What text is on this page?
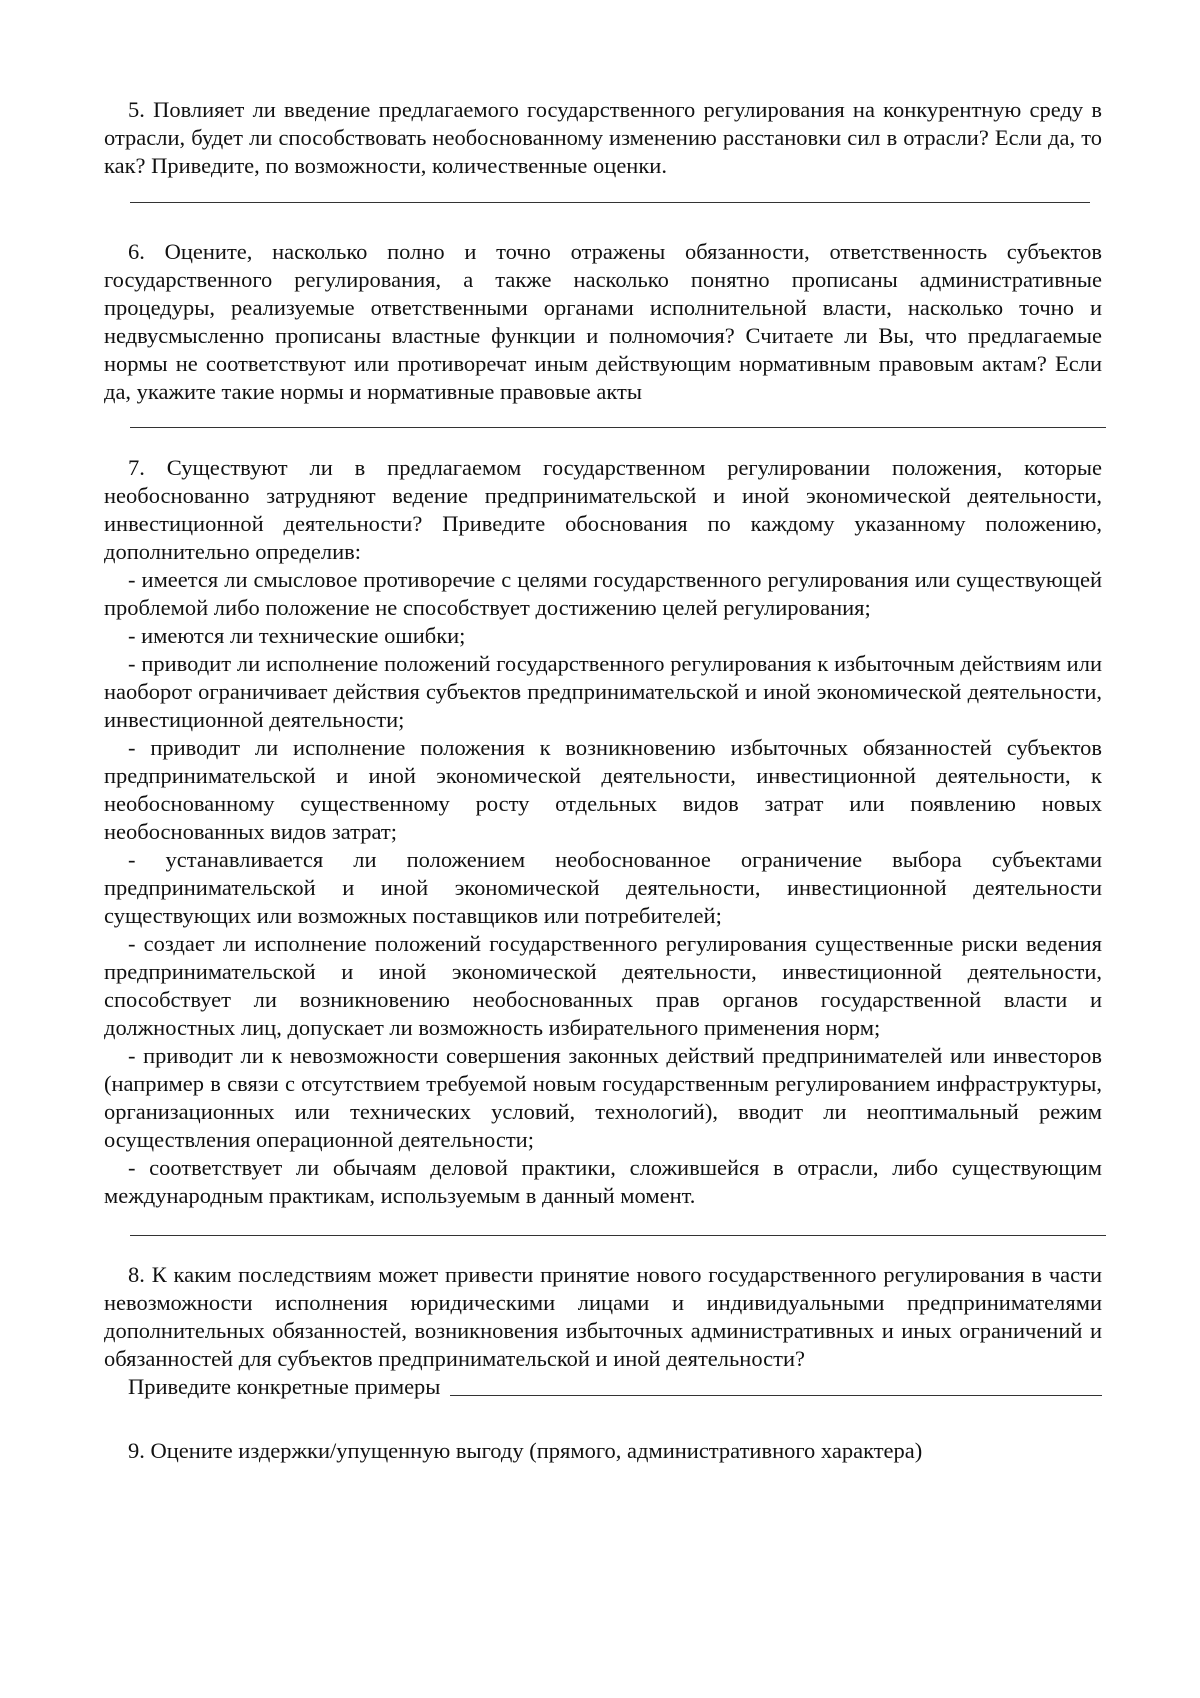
5. Повлияет ли введение предлагаемого государственного регулирования на конкурентную среду в отрасли, будет ли способствовать необоснованному изменению расстановки сил в отрасли? Если да, то как? Приведите, по возможности, количественные оценки.

6. Оцените, насколько полно и точно отражены обязанности, ответственность субъектов государственного регулирования, а также насколько понятно прописаны административные процедуры, реализуемые ответственными органами исполнительной власти, насколько точно и недвусмысленно прописаны властные функции и полномочия? Считаете ли Вы, что предлагаемые нормы не соответствуют или противоречат иным действующим нормативным правовым актам? Если да, укажите такие нормы и нормативные правовые акты

7. Существуют ли в предлагаемом государственном регулировании положения, которые необоснованно затрудняют ведение предпринимательской и иной экономической деятельности, инвестиционной деятельности? Приведите обоснования по каждому указанному положению, дополнительно определив:

- имеется ли смысловое противоречие с целями государственного регулирования или существующей проблемой либо положение не способствует достижению целей регулирования;

- имеются ли технические ошибки;

- приводит ли исполнение положений государственного регулирования к избыточным действиям или наоборот ограничивает действия субъектов предпринимательской и иной экономической деятельности, инвестиционной деятельности;

- приводит ли исполнение положения к возникновению избыточных обязанностей субъектов предпринимательской и иной экономической деятельности, инвестиционной деятельности, к необоснованному существенному росту отдельных видов затрат или появлению новых необоснованных видов затрат;

- устанавливается ли положением необоснованное ограничение выбора субъектами предпринимательской и иной экономической деятельности, инвестиционной деятельности существующих или возможных поставщиков или потребителей;

- создает ли исполнение положений государственного регулирования существенные риски ведения предпринимательской и иной экономической деятельности, инвестиционной деятельности, способствует ли возникновению необоснованных прав органов государственной власти и должностных лиц, допускает ли возможность избирательного применения норм;

- приводит ли к невозможности совершения законных действий предпринимателей или инвесторов (например в связи с отсутствием требуемой новым государственным регулированием инфраструктуры, организационных или технических условий, технологий), вводит ли неоптимальный режим осуществления операционной деятельности;

- соответствует ли обычаям деловой практики, сложившейся в отрасли, либо существующим международным практикам, используемым в данный момент.

8. К каким последствиям может привести принятие нового государственного регулирования в части невозможности исполнения юридическими лицами и индивидуальными предпринимателями дополнительных обязанностей, возникновения избыточных административных и иных ограничений и обязанностей для субъектов предпринимательской и иной деятельности?

Приведите конкретные примеры

9. Оцените издержки/упущенную выгоду (прямого, административного характера)
